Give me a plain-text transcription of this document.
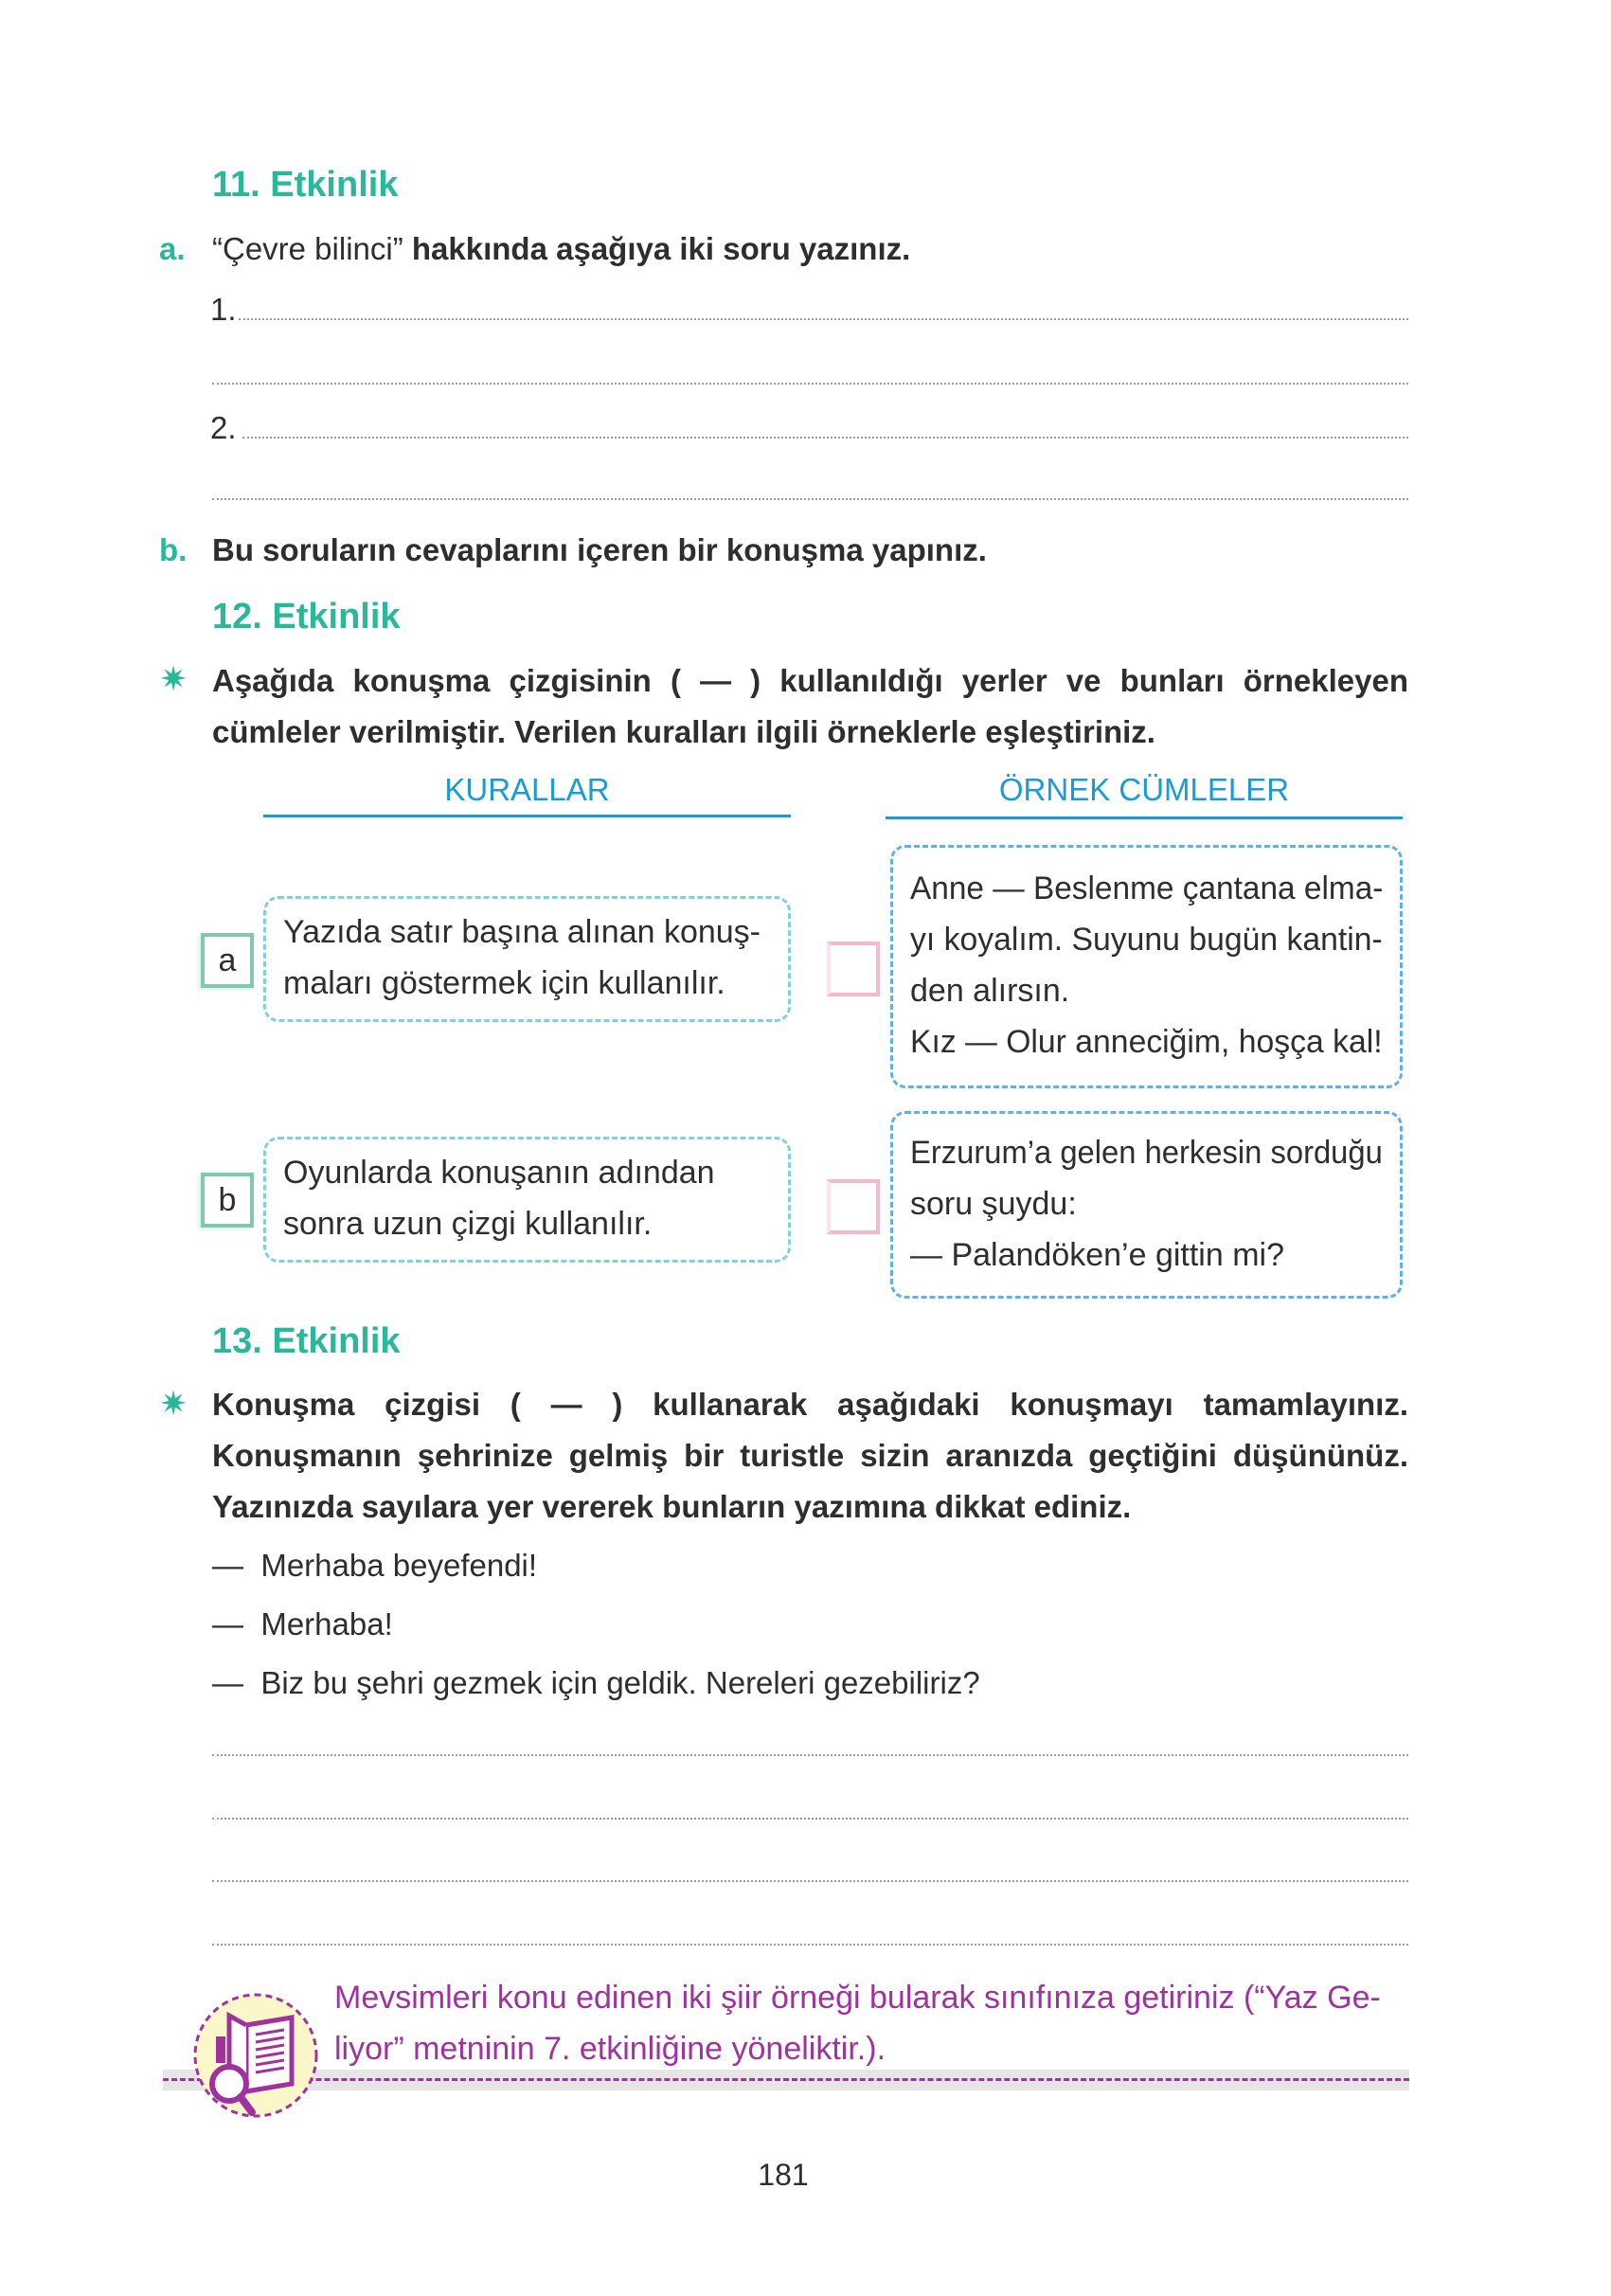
11. Etkinlik
a. “Çevre bilinci” hakkında aşağıya iki soru yazınız.
1.
2.
b. Bu soruların cevaplarını içeren bir konuşma yapınız.
12. Etkinlik
✷ Aşağıda konuşma çizgisinin ( — ) kullanıldığı yerler ve bunları örnekleyen
cümleler verilmiştir. Verilen kuralları ilgili örneklerle eşleştiriniz.
KURALLAR	ÖRNEK CÜMLELER
a
Yazıda satır başına alınan konuş-
maları göstermek için kullanılır.
b
Oyunlarda konuşanın adından
sonra uzun çizgi kullanılır.
Anne — Beslenme çantana elma-
yı koyalım. Suyunu bugün kantin-
den alırsın.
Kız — Olur anneciğim, hoşça kal!
Erzurum’a gelen herkesin sorduğu
soru şuydu:
— Palandöken’e gittin mi?
13. Etkinlik
✷ Konuşma çizgisi ( — ) kullanarak aşağıdaki konuşmayı tamamlayınız.
Konuşmanın şehrinize gelmiş bir turistle sizin aranızda geçtiğini düşününüz.
Yazınızda sayılara yer vererek bunların yazımına dikkat ediniz.
— Merhaba beyefendi!
— Merhaba!
— Biz bu şehri gezmek için geldik. Nereleri gezebiliriz?
Mevsimleri konu edinen iki şiir örneği bularak sınıfınıza getiriniz (“Yaz Ge-
liyor” metninin 7. etkinliğine yöneliktir.).
181
